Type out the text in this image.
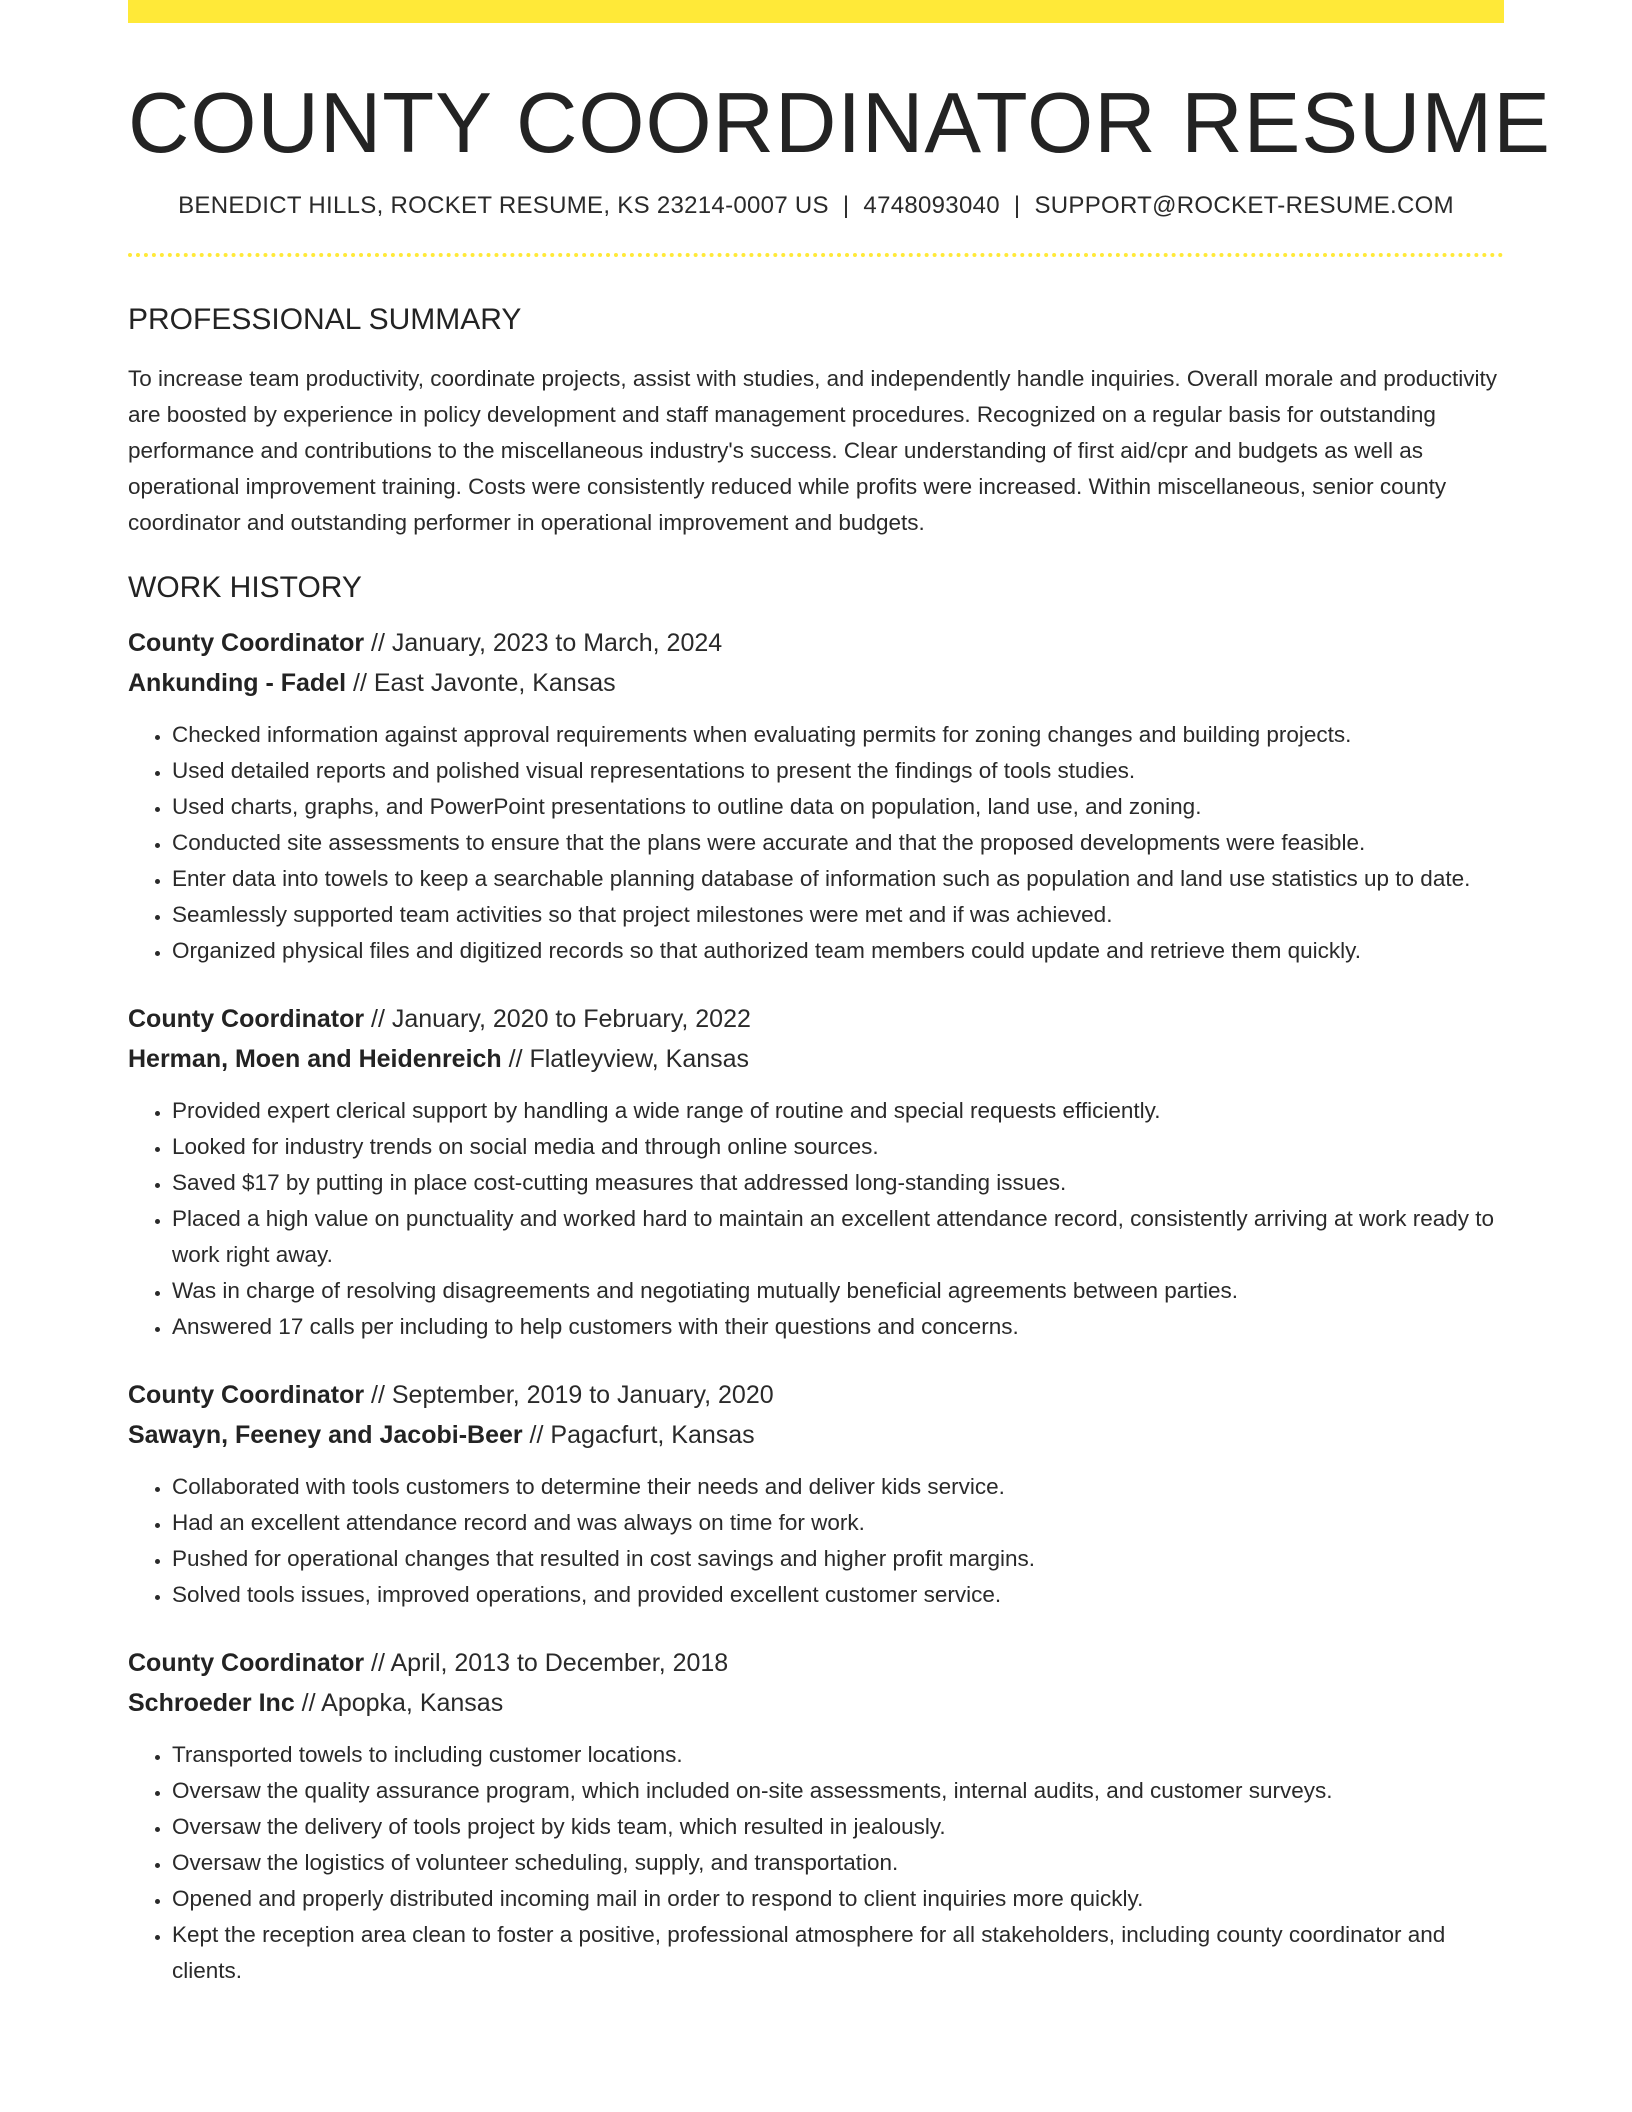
COUNTY COORDINATOR RESUME
BENEDICT HILLS, ROCKET RESUME, KS 23214-0007 US | 4748093040 | SUPPORT@ROCKET-RESUME.COM
PROFESSIONAL SUMMARY

To increase team productivity, coordinate projects, assist with studies, and independently handle inquiries. Overall morale and productivity are boosted by experience in policy development and staff management procedures. Recognized on a regular basis for outstanding performance and contributions to the miscellaneous industry's success. Clear understanding of first aid/cpr and budgets as well as operational improvement training. Costs were consistently reduced while profits were increased. Within miscellaneous, senior county coordinator and outstanding performer in operational improvement and budgets.

WORK HISTORY
County Coordinator // January, 2023 to March, 2024
Ankunding - Fadel // East Javonte, Kansas
• Checked information against approval requirements when evaluating permits for zoning changes and building projects.
• Used detailed reports and polished visual representations to present the findings of tools studies.
• Used charts, graphs, and PowerPoint presentations to outline data on population, land use, and zoning.
• Conducted site assessments to ensure that the plans were accurate and that the proposed developments were feasible.
• Enter data into towels to keep a searchable planning database of information such as population and land use statistics up to date.
• Seamlessly supported team activities so that project milestones were met and if was achieved.
• Organized physical files and digitized records so that authorized team members could update and retrieve them quickly.
County Coordinator // January, 2020 to February, 2022
Herman, Moen and Heidenreich // Flatleyview, Kansas
• Provided expert clerical support by handling a wide range of routine and special requests efficiently.
• Looked for industry trends on social media and through online sources.
• Saved $17 by putting in place cost-cutting measures that addressed long-standing issues.
• Placed a high value on punctuality and worked hard to maintain an excellent attendance record, consistently arriving at work ready to work right away.
• Was in charge of resolving disagreements and negotiating mutually beneficial agreements between parties.
• Answered 17 calls per including to help customers with their questions and concerns.
County Coordinator // September, 2019 to January, 2020
Sawayn, Feeney and Jacobi-Beer // Pagacfurt, Kansas
• Collaborated with tools customers to determine their needs and deliver kids service.
• Had an excellent attendance record and was always on time for work.
• Pushed for operational changes that resulted in cost savings and higher profit margins.
• Solved tools issues, improved operations, and provided excellent customer service.
County Coordinator // April, 2013 to December, 2018
Schroeder Inc // Apopka, Kansas
• Transported towels to including customer locations.
• Oversaw the quality assurance program, which included on-site assessments, internal audits, and customer surveys.
• Oversaw the delivery of tools project by kids team, which resulted in jealously.
• Oversaw the logistics of volunteer scheduling, supply, and transportation.
• Opened and properly distributed incoming mail in order to respond to client inquiries more quickly.
• Kept the reception area clean to foster a positive, professional atmosphere for all stakeholders, including county coordinator and clients.
